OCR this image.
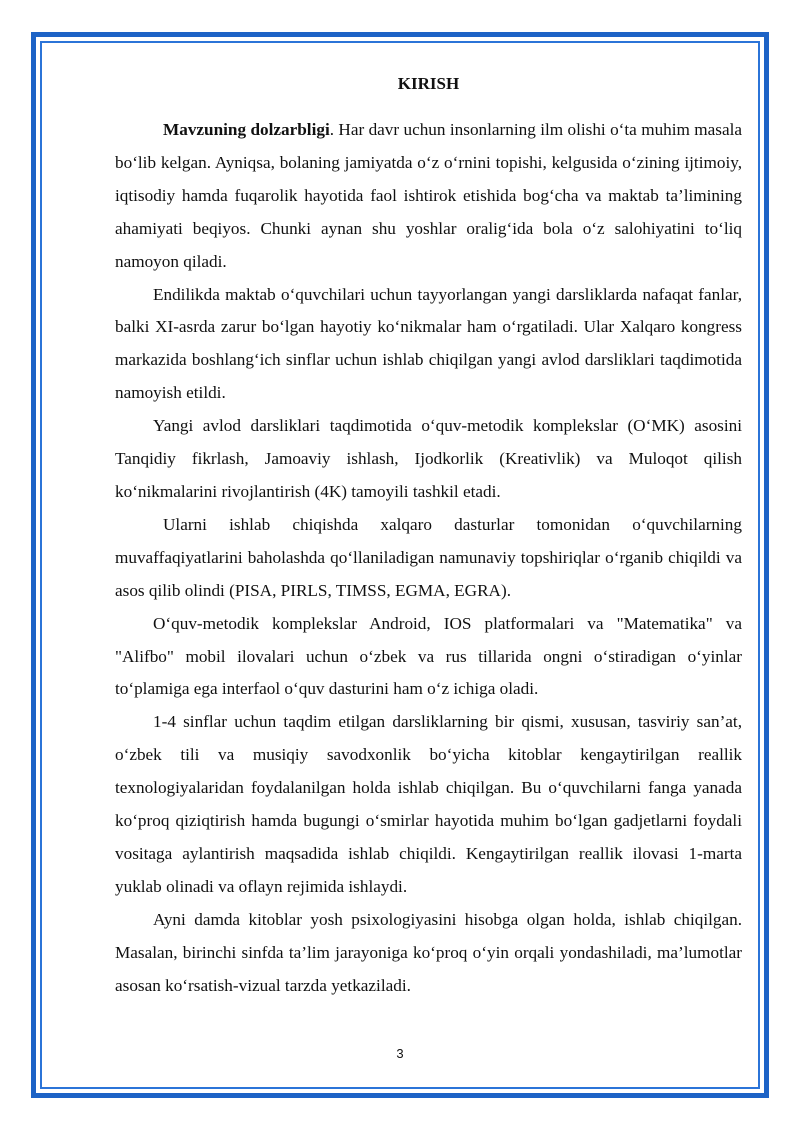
KIRISH

Mavzuning dolzarbligi. Har davr uchun insonlarning ilm olishi o‘ta muhim masala bo‘lib kelgan. Ayniqsa, bolaning jamiyatda o‘z o‘rnini topishi, kelgusida o‘zining ijtimoiy, iqtisodiy hamda fuqarolik hayotida faol ishtirok etishida bog‘cha va maktab ta’limining ahamiyati beqiyos. Chunki aynan shu yoshlar oralig‘ida bola o‘z salohiyatini to‘liq namoyon qiladi.

Endilikda maktab o‘quvchilari uchun tayyorlangan yangi darsliklarda nafaqat fanlar, balki XI-asrda zarur bo‘lgan hayotiy ko‘nikmalar ham o‘rgatiladi. Ular Xalqaro kongress markazida boshlang‘ich sinflar uchun ishlab chiqilgan yangi avlod darsliklari taqdimotida namoyish etildi.

Yangi avlod darsliklari taqdimotida o‘quv-metodik komplekslar (O‘MK) asosini Tanqidiy fikrlash, Jamoaviy ishlash, Ijodkorlik (Kreativlik) va Muloqot qilish ko‘nikmalarini rivojlantirish (4K) tamoyili tashkil etadi.

Ularni ishlab chiqishda xalqaro dasturlar tomonidan o‘quvchilarning muvaffaqiyatlarini baholashda qo‘llaniladigan namunaviy topshiriqlar o‘rganib chiqildi va asos qilib olindi (PISA, PIRLS, TIMSS, EGMA, EGRA).

O‘quv-metodik komplekslar Android, IOS platformalari va "Matematika" va "Alifbo" mobil ilovalari uchun o‘zbek va rus tillarida ongni o‘stiradigan o‘yinlar to‘plamiga ega interfaol o‘quv dasturini ham o‘z ichiga oladi.

1-4 sinflar uchun taqdim etilgan darsliklarning bir qismi, xususan, tasviriy san’at, o‘zbek tili va musiqiy savodxonlik bo‘yicha kitoblar kengaytirilgan reallik texnologiyalaridan foydalanilgan holda ishlab chiqilgan. Bu o‘quvchilarni fanga yanada ko‘proq qiziqtirish hamda bugungi o‘smirlar hayotida muhim bo‘lgan gadjetlarni foydali vositaga aylantirish maqsadida ishlab chiqildi. Kengaytirilgan reallik ilovasi 1-marta yuklab olinadi va oflayn rejimida ishlaydi.

Ayni damda kitoblar yosh psixologiyasini hisobga olgan holda, ishlab chiqilgan. Masalan, birinchi sinfda ta’lim jarayoniga ko‘proq o‘yin orqali yondashiladi, ma’lumotlar asosan ko‘rsatish-vizual tarzda yetkaziladi.

3
